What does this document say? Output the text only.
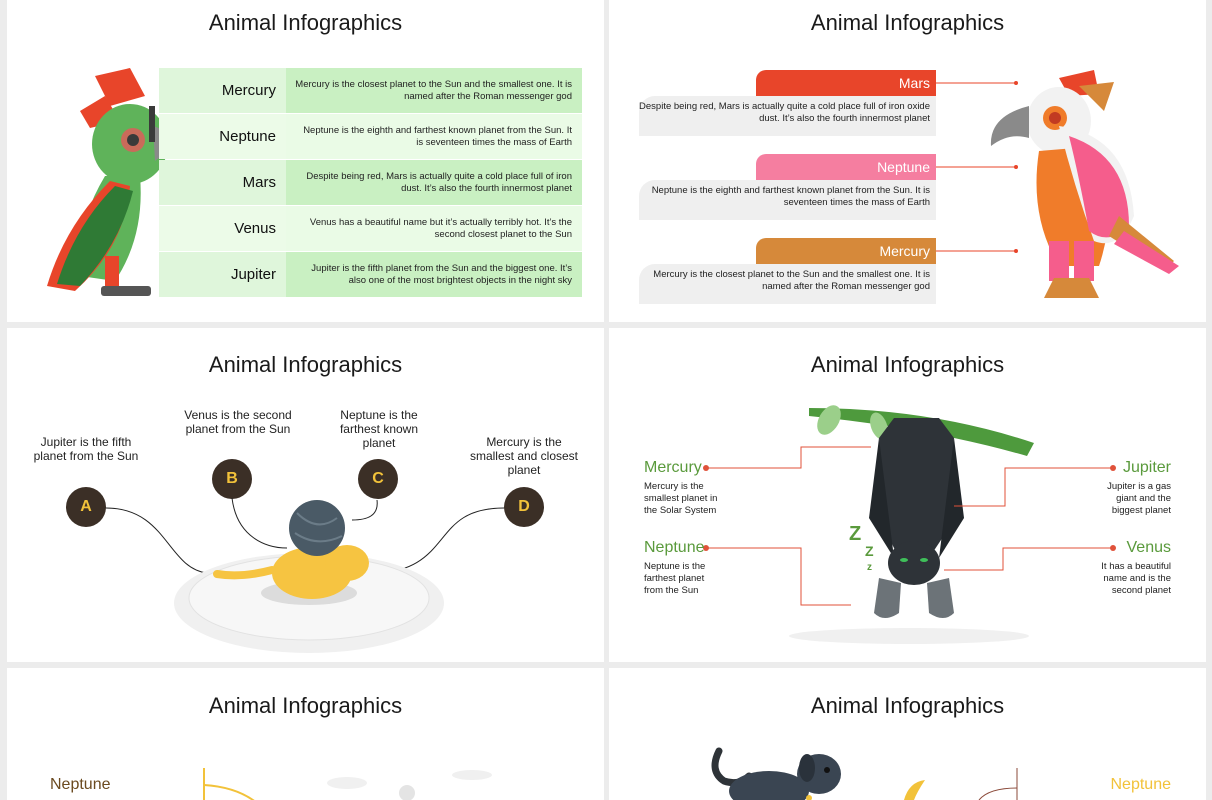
Animal Infographics
Mercury	Mercury is the closest planet to the Sun and the smallest one. It is named after the Roman messenger god
Neptune	Neptune is the eighth and farthest known planet from the Sun. It is seventeen times the mass of Earth
Mars	Despite being red, Mars is actually quite a cold place full of iron dust. It’s also the fourth innermost planet
Venus	Venus has a beautiful name but it’s actually terribly hot. It’s the second closest planet to the Sun
Jupiter	Jupiter is the fifth planet from the Sun and the biggest one. It’s also one of the most brightest objects in the night sky
Animal Infographics
Mars
Despite being red, Mars is actually quite a cold place full of iron oxide dust. It’s also the fourth innermost planet
Neptune
Neptune is the eighth and farthest known planet from the Sun. It is seventeen times the mass of Earth
Mercury
Mercury is the closest planet to the Sun and the smallest one. It is named after the Roman messenger god
Animal Infographics
Jupiter is the fifth planet from the Sun
Venus is the second planet from the Sun
Neptune is the farthest known planet	Mercury is the smallest and closest planet
A
B	C
D
Animal Infographics
Z
Z
z
Mercury
Mercury is the smallest planet in the Solar System
Neptune
Neptune is the farthest planet from the Sun
Jupiter
Jupiter is a gas giant and the biggest planet
Venus
It has a beautiful name and is the second planet
Animal Infographics
Neptune
Animal Infographics
Neptune
